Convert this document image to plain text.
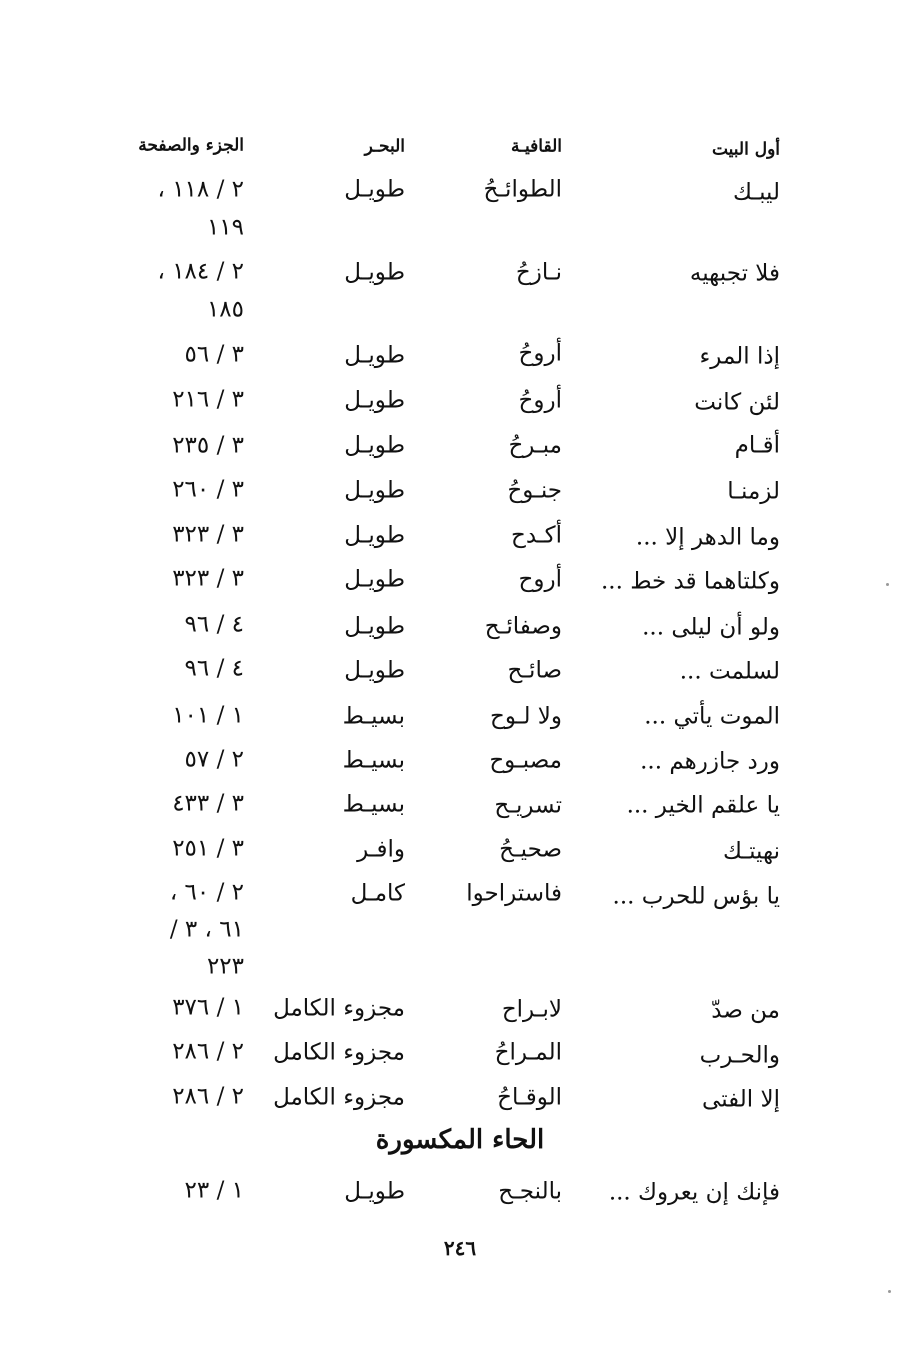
أول البيت
القافيـة
البحـر
الجزء والصفحة
ليبـك
الطوائـحُ
طويـل
٢ / ١١٨ ،
١١٩
فلا تجبهيه
نـازحُ
طويـل
٢ / ١٨٤ ،
١٨٥
إذا المرء
أروحُ
طويـل
٣ / ٥٦
لئن كانت
أروحُ
طويـل
٣ / ٢١٦
أقـام
مبـرحُ
طويـل
٣ / ٢٣٥
لزمنـا
جنـوحُ
طويـل
٣ / ٢٦٠
وما الدهر إلا ...
أكـدح
طويـل
٣ / ٣٢٣
وكلتاهما قد خط ...
أروح
طويـل
٣ / ٣٢٣
ولو أن ليلى ...
وصفائـح
طويـل
٤ / ٩٦
لسلمت ...
صائـح
طويـل
٤ / ٩٦
الموت يأتي ...
ولا لـوح
بسيـط
١ / ١٠١
ورد جازرهم ...
مصبـوح
بسيـط
٢ / ٥٧
يا علقم الخير ...
تسريـح
بسيـط
٣ / ٤٣٣
نهيتـك
صحيـحُ
وافـر
٣ / ٢٥١
يا بؤس للحرب ...
فاستراحوا
كامـل
٢ / ٦٠ ،
٦١ ، ٣ /
٢٢٣
من صدّ
لابـراح
مجزوء الكامل
١ / ٣٧٦
والحـرب
المـراحُ
مجزوء الكامل
٢ / ٢٨٦
إلا الفتى
الوقـاحُ
مجزوء الكامل
٢ / ٢٨٦
الحاء المكسورة
فإنك إن يعروك ...
بالنجـح
طويـل
١ / ٢٣
٢٤٦
